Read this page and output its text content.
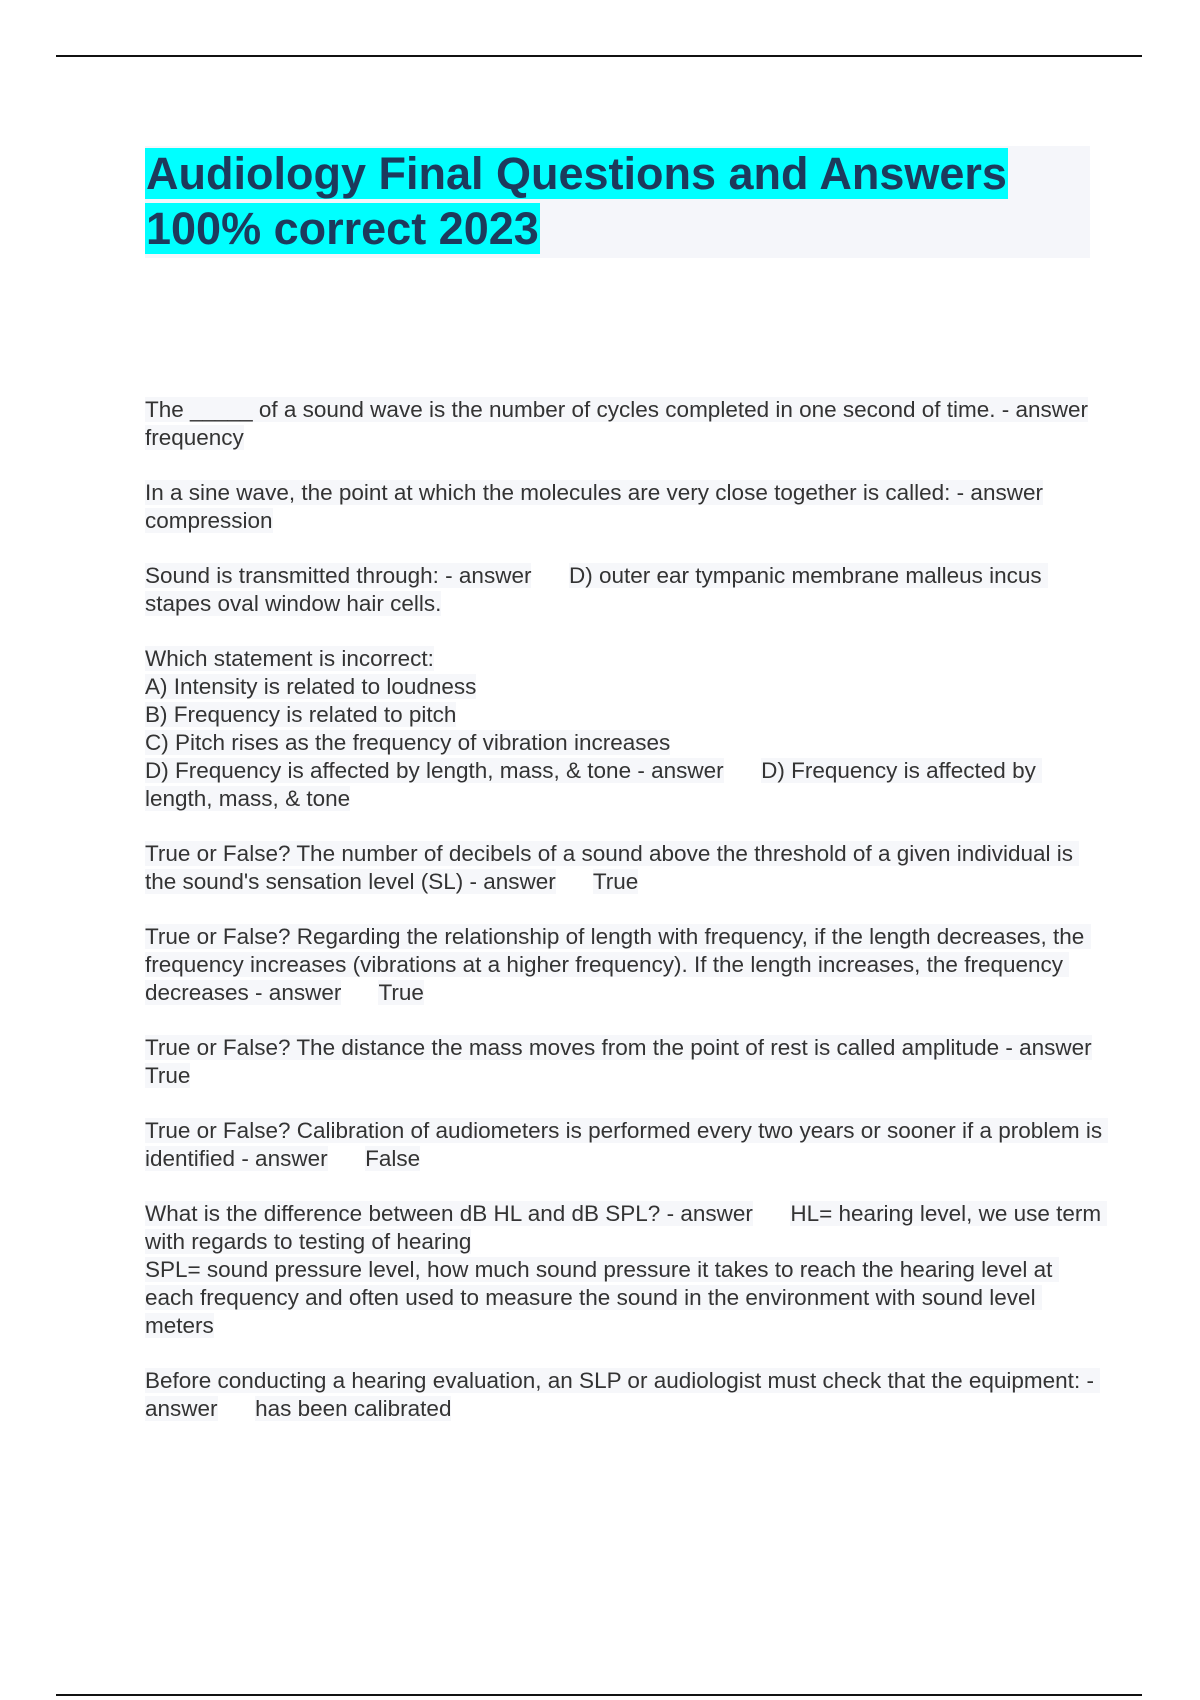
Audiology Final Questions and Answers
100% correct 2023

The _____ of a sound wave is the number of cycles completed in one second of time. - answer      frequency

In a sine wave, the point at which the molecules are very close together is called: - answer      compression

Sound is transmitted through: - answer D) outer ear tympanic membrane malleus incus stapes oval window hair cells.

Which statement is incorrect:
A) Intensity is related to loudness
B) Frequency is related to pitch
C) Pitch rises as the frequency of vibration increases
D) Frequency is affected by length, mass, & tone - answer D) Frequency is affected by length, mass, & tone

True or False? The number of decibels of a sound above the threshold of a given individual is the sound's sensation level (SL) - answer True

True or False? Regarding the relationship of length with frequency, if the length decreases, the frequency increases (vibrations at a higher frequency). If the length increases, the frequency decreases - answer True

True or False? The distance the mass moves from the point of rest is called amplitude - answer      True

True or False? Calibration of audiometers is performed every two years or sooner if a problem is identified - answer False

What is the difference between dB HL and dB SPL? - answer HL= hearing level, we use term with regards to testing of hearing
SPL= sound pressure level, how much sound pressure it takes to reach the hearing level at each frequency and often used to measure the sound in the environment with sound level meters

Before conducting a hearing evaluation, an SLP or audiologist must check that the equipment: - answer has been calibrated
